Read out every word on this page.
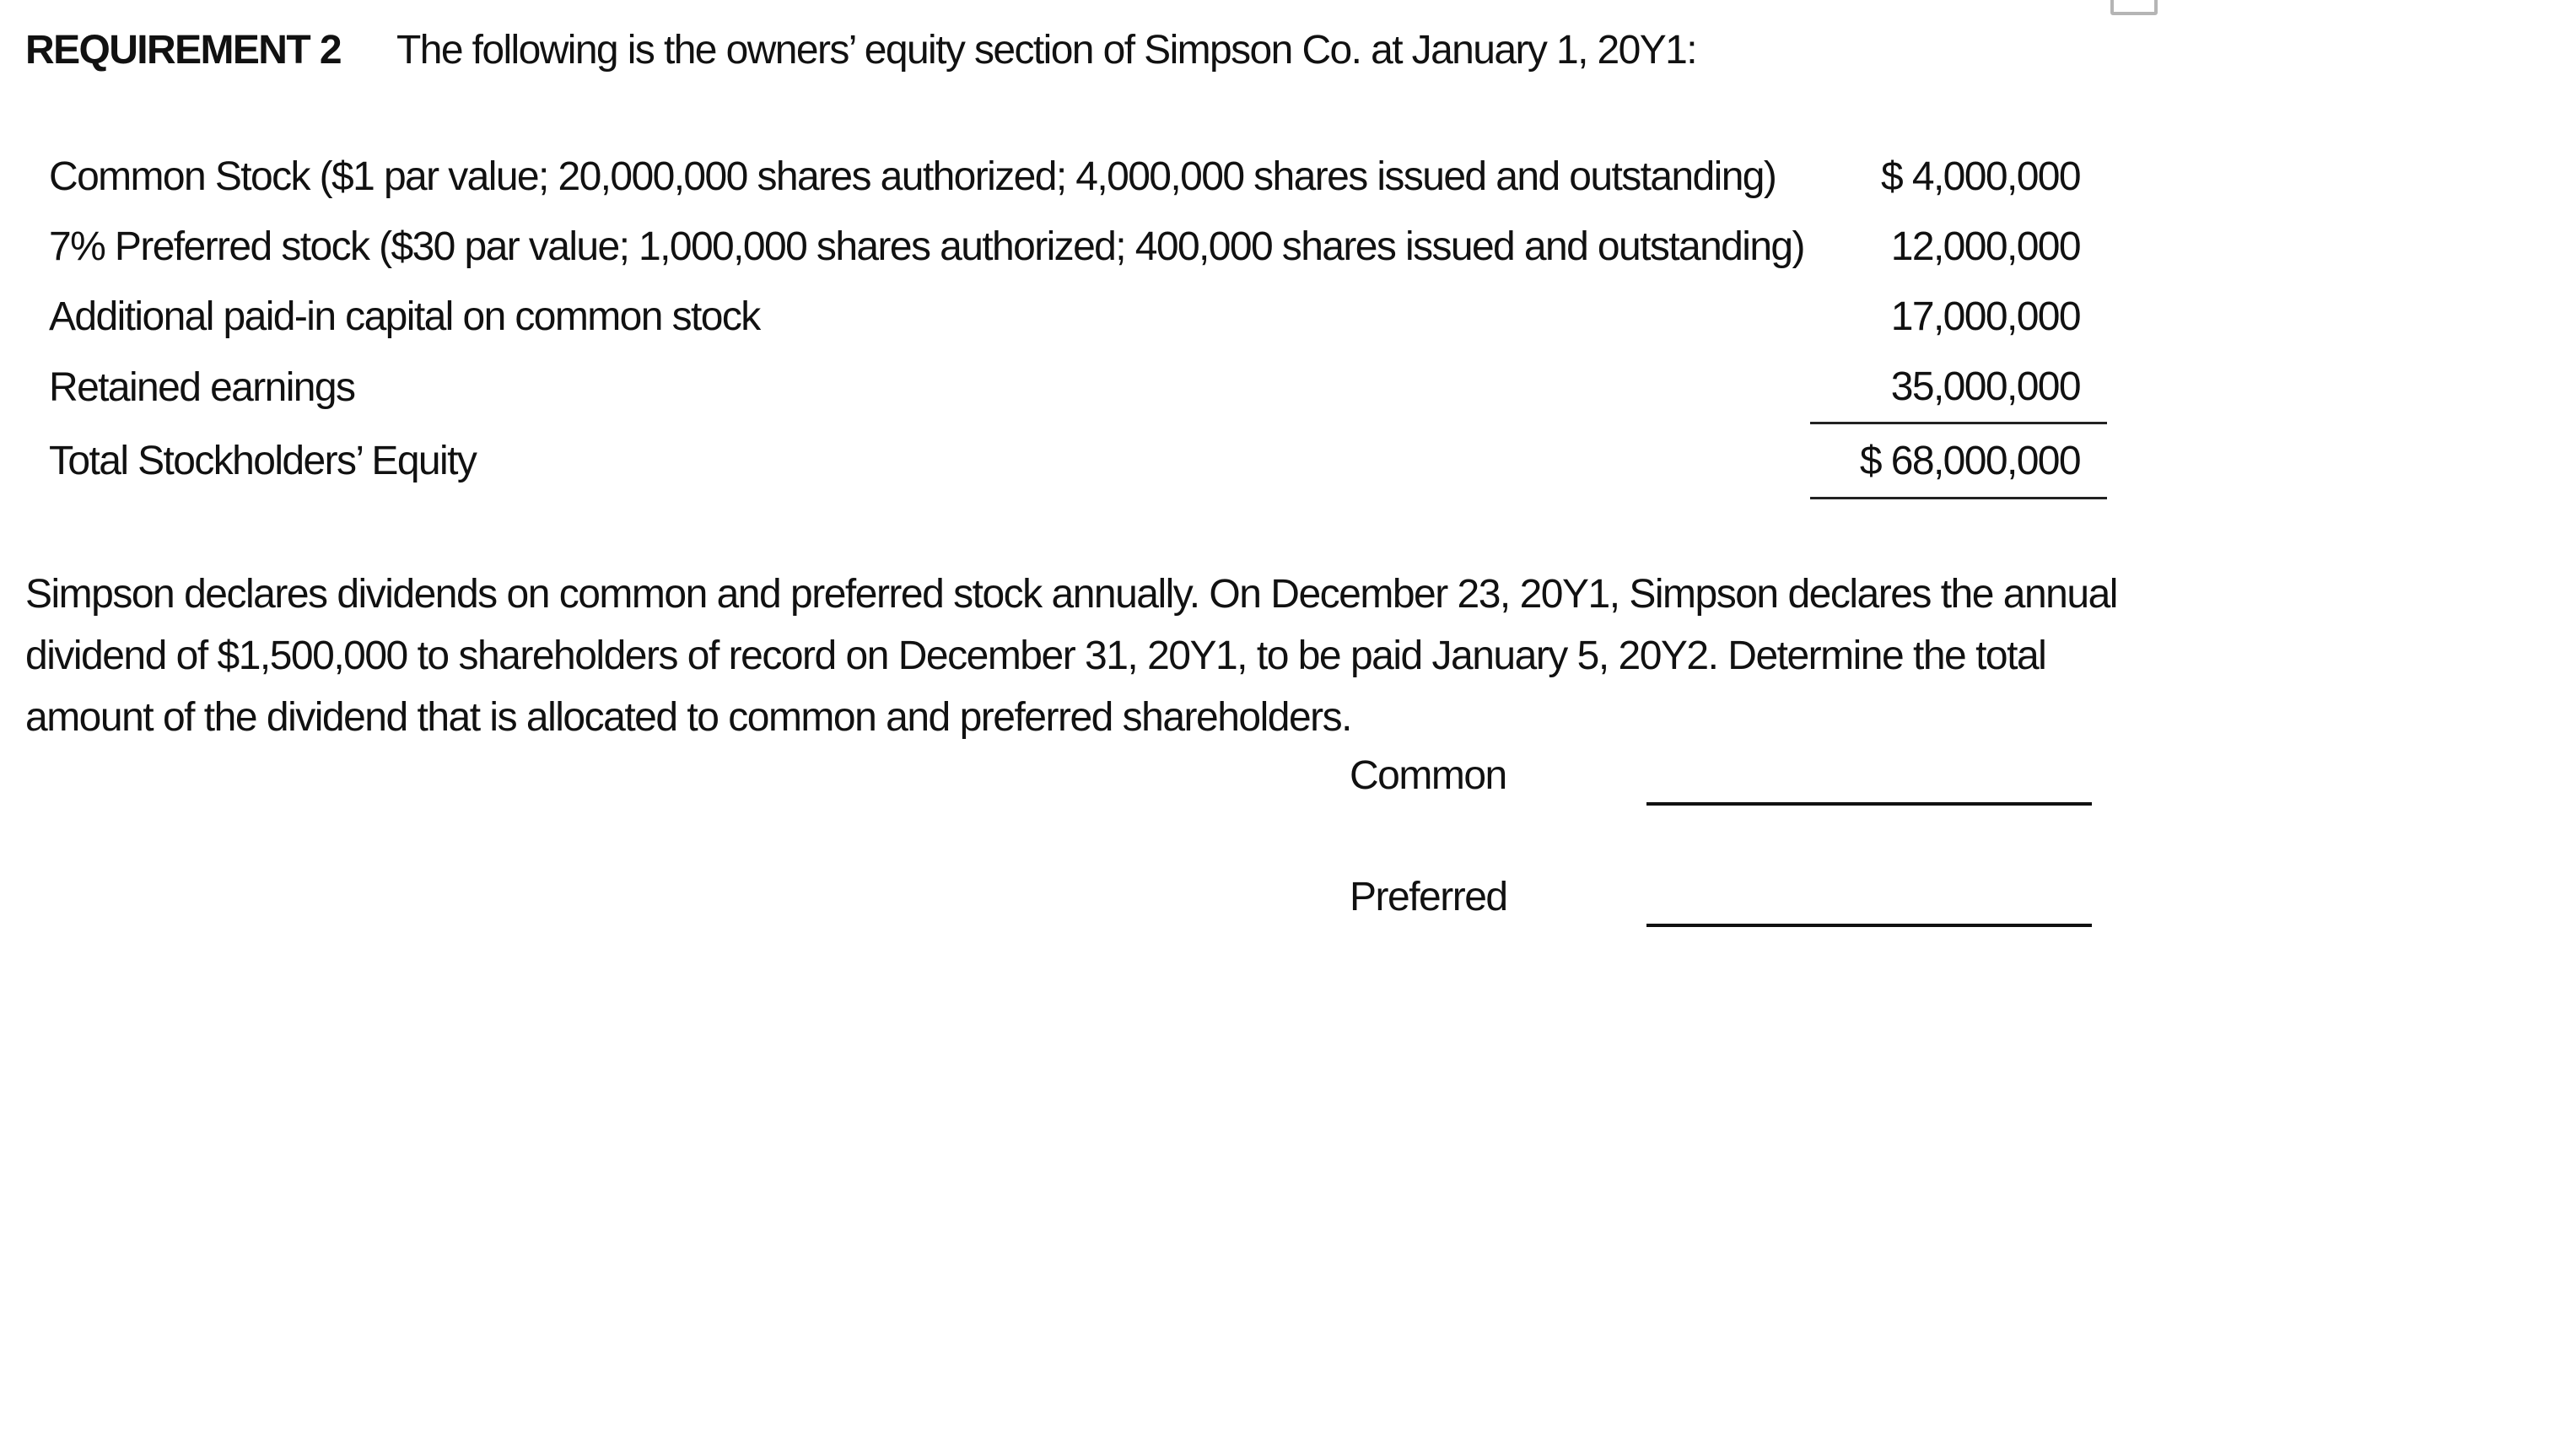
REQUIREMENT 2	The following is the owners’ equity section of Simpson Co. at January 1, 20Y1:
Common Stock ($1 par value; 20,000,000 shares authorized; 4,000,000 shares issued and outstanding)	$ 4,000,000
7% Preferred stock ($30 par value; 1,000,000 shares authorized; 400,000 shares issued and outstanding)	12,000,000
Additional paid-in capital on common stock	17,000,000
Retained earnings	35,000,000
Total Stockholders’ Equity	$ 68,000,000
Simpson declares dividends on common and preferred stock annually. On December 23, 20Y1, Simpson declares the annual
dividend of $1,500,000 to shareholders of record on December 31, 20Y1, to be paid January 5, 20Y2. Determine the total
amount of the dividend that is allocated to common and preferred shareholders.
Common
Preferred
